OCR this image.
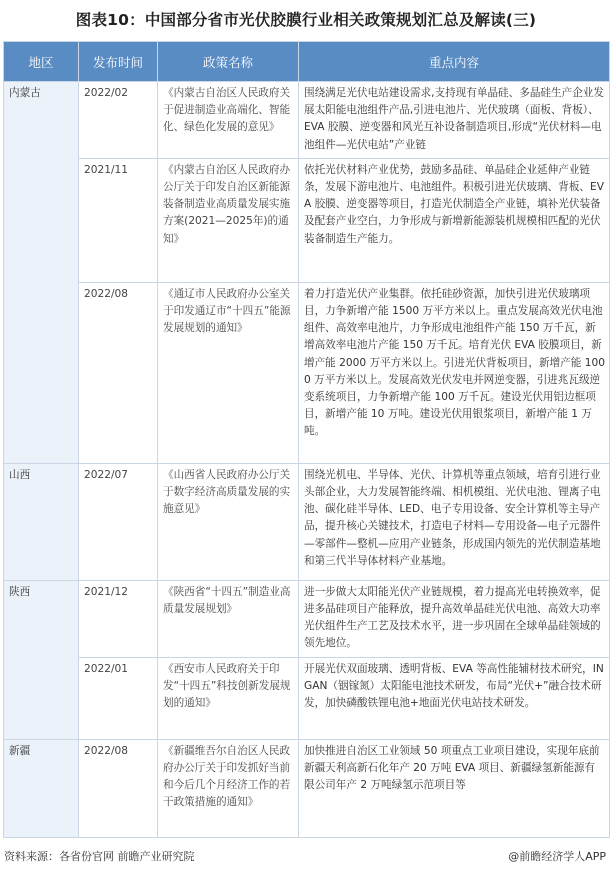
图表10：中国部分省市光伏胶膜行业相关政策规划汇总及解读(三)
地区	发布时间	政策名称	重点内容
内蒙古	2022/02	《内蒙古自治区人民政府关于促进制造业高端化、智能化、绿色化发展的意见》	围绕满足光伏电站建设需求,支持现有单晶硅、多晶硅生产企业发展太阳能电池组件产品,引进电池片、光伏玻璃（面板、背板）、EVA 胶膜、逆变器和风光互补设备制造项目,形成“光伏材料—电池组件—光伏电站”产业链
	2021/11	《内蒙古自治区人民政府办公厅关于印发自治区新能源装备制造业高质量发展实施方案(2021—2025年)的通知》	依托光伏材料产业优势，鼓励多晶硅、单晶硅企业延伸产业链条，发展下游电池片、电池组件。积极引进光伏玻璃、背板、EVA 胶膜、逆变器等项目，打造光伏制造全产业链，填补光伏装备及配套产业空白，力争形成与新增新能源装机规模相匹配的光伏装备制造生产能力。
	2022/08	《通辽市人民政府办公室关于印发通辽市“十四五”能源发展规划的通知》	着力打造光伏产业集群。依托硅砂资源，加快引进光伏玻璃项目，力争新增产能 1500 万平方米以上。重点发展高效光伏电池组件、高效率电池片，力争形成电池组件产能 150 万千瓦，新增高效率电池片产能 150 万千瓦。培育光伏 EVA 胶膜项目，新增产能 2000 万平方米以上。引进光伏背板项目，新增产能 1000 万平方米以上。发展高效光伏发电并网逆变器，引进兆瓦级逆变系统项目，力争新增产能 100 万千瓦。建设光伏用铝边框项目，新增产能 10 万吨。建设光伏用银浆项目，新增产能 1 万吨。
山西	2022/07	《山西省人民政府办公厅关于数字经济高质量发展的实施意见》	围绕光机电、半导体、光伏、计算机等重点领域，培育引进行业头部企业，大力发展智能终端、相机模组、光伏电池、锂离子电池、碳化硅半导体、LED、电子专用设备、安全计算机等主导产品，提升核心关键技术，打造电子材料—专用设备—电子元器件—零部件—整机—应用产业链条，形成国内领先的光伏制造基地和第三代半导体材料产业基地。
陕西	2021/12	《陕西省“十四五”制造业高质量发展规划》	进一步做大太阳能光伏产业链规模，着力提高光电转换效率，促进多晶硅项目产能释放，提升高效单晶硅光伏电池、高效大功率光伏组件生产工艺及技术水平，进一步巩固在全球单晶硅领域的领先地位。
	2022/01	《西安市人民政府关于印发“十四五”科技创新发展规划的通知》	开展光伏双面玻璃、透明背板、EVA 等高性能辅材技术研究，INGAN（铟镓氮）太阳能电池技术研发，布局“光伏+”融合技术研发，加快磷酸铁锂电池+地面光伏电站技术研发。
新疆	2022/08	《新疆维吾尔自治区人民政府办公厅关于印发抓好当前和今后几个月经济工作的若干政策措施的通知》	加快推进自治区工业领域 50 项重点工业项目建设，实现年底前新疆天利高新石化年产 20 万吨 EVA 项目、新疆绿氢新能源有限公司年产 2 万吨绿氢示范项目等
资料来源：各省份官网 前瞻产业研究院	@前瞻经济学人APP
